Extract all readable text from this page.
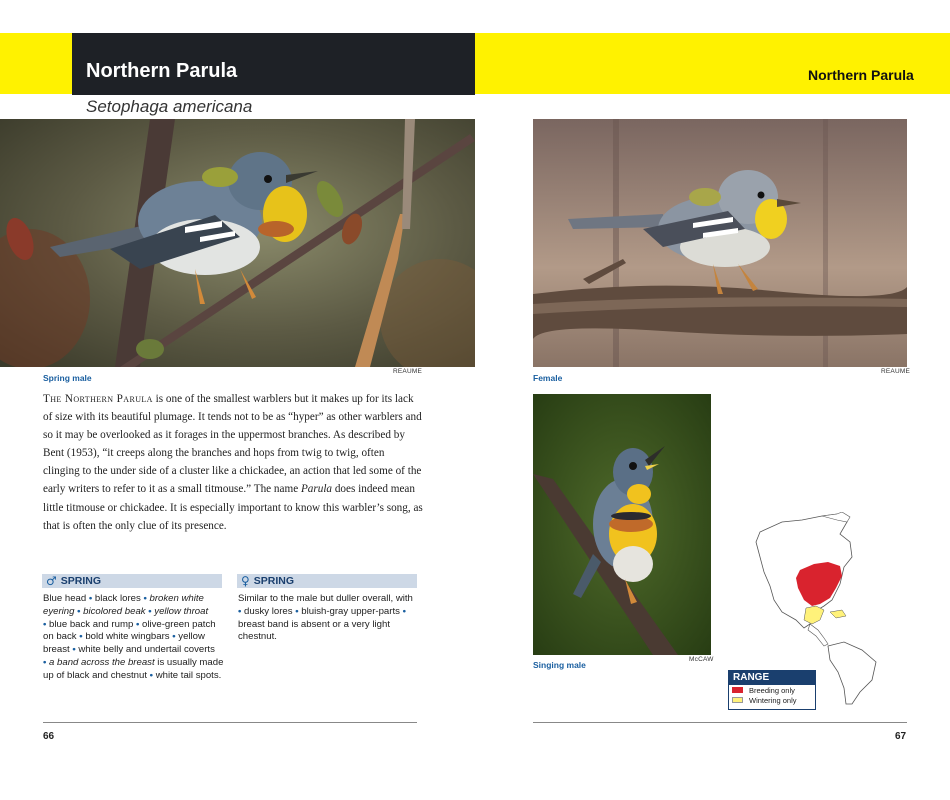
Northern Parula
Setophaga americana
Spring male
REAUME
The Northern Parula is one of the smallest warblers but it makes up for its lack of size with its beautiful plumage. It tends not to be as “hyper” as other warblers and so it may be overlooked as it forages in the uppermost branches. As described by Bent (1953), “it creeps along the branches and hops from twig to twig, often clinging to the under side of a cluster like a chickadee, an action that led some of the early writers to refer to it as a small titmouse.” The name Parula does indeed mean little titmouse or chickadee. It is especially important to know this warbler’s song, as that is often the only clue of its presence.
♂ SPRING
Blue head • black lores • broken white eyering • bicolored beak • yellow throat
• blue back and rump • olive-green patch on back • bold white wingbars • yellow breast • white belly and undertail coverts
• a band across the breast is usually made up of black and chestnut • white tail spots.
♀ SPRING
Similar to the male but duller overall, with • dusky lores • bluish-gray upper-parts • breast band is absent or a very light chestnut.
66
Northern Parula
Female
REAUME
Singing male
McCAW
RANGE
Breeding only
Wintering only
67
